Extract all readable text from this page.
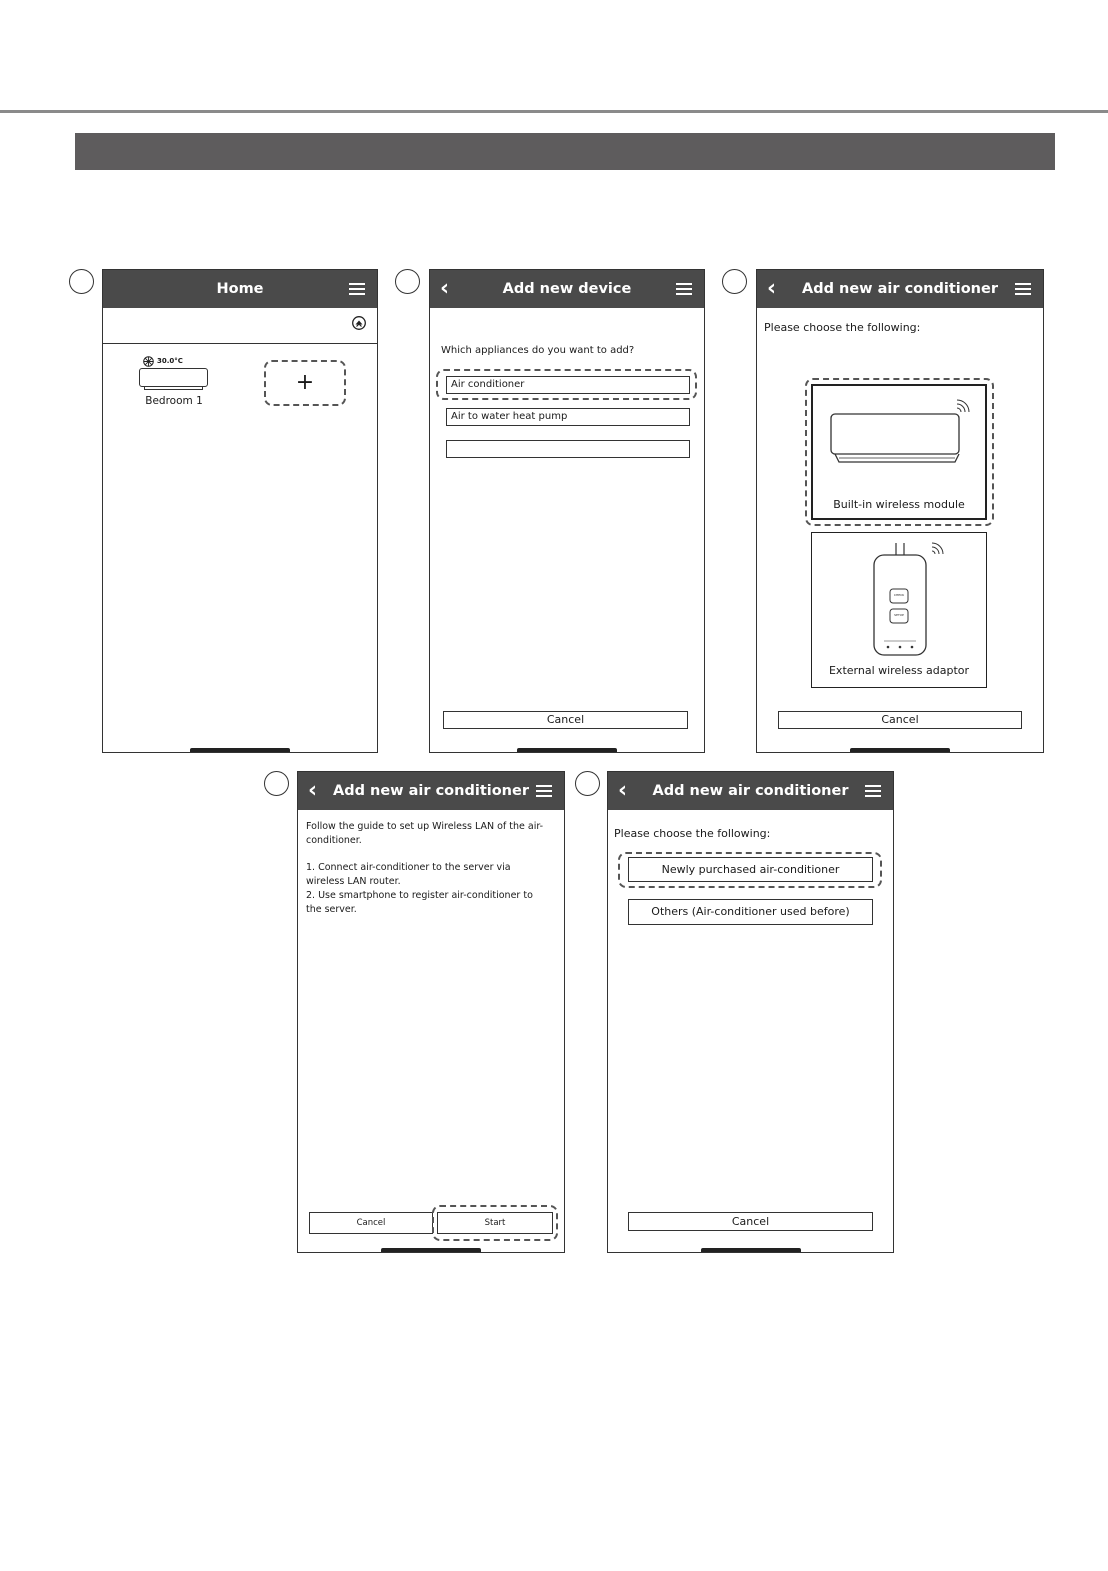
Home
30.0°C
Bedroom 1
+
‹	Add new device
Which appliances do you want to add?
Air conditioner
Air to water heat pump
Cancel
‹	Add new air conditioner
Please choose the following:
Built-in wireless module
CHECK
SETUP
External wireless adaptor
Cancel
‹	Add new air conditioner
Follow the guide to set up Wireless LAN of the air-conditioner.
1. Connect air-conditioner to the server via wireless LAN router.
2. Use smartphone to register air-conditioner to the server.
Cancel	Start
‹	Add new air conditioner
Please choose the following:
Newly purchased air-conditioner
Others (Air-conditioner used before)
Cancel
